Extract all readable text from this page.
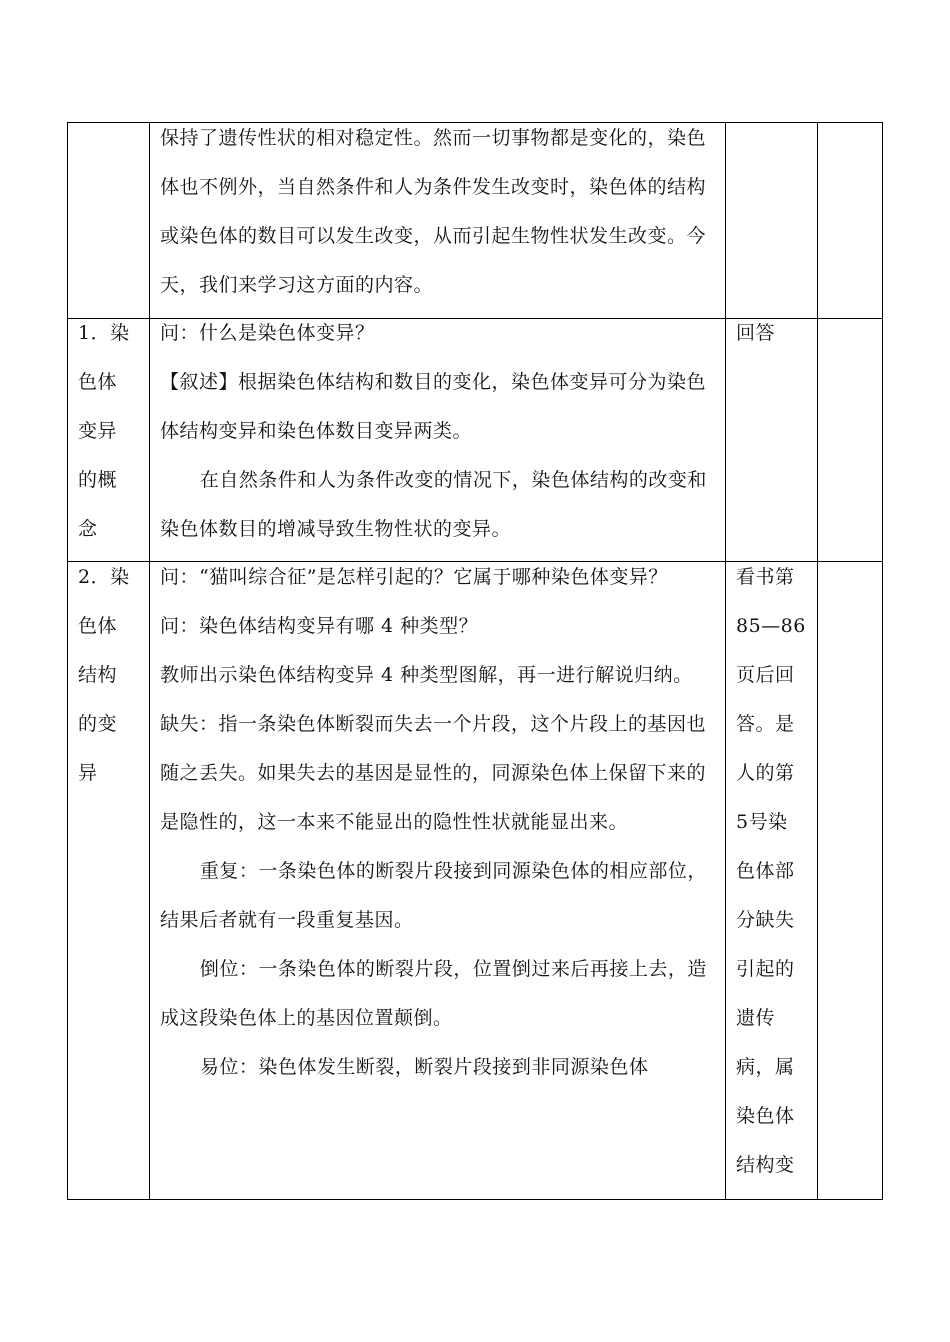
保持了遗传性状的相对稳定性。然而一切事物都是变化的，染色体也不例外，当自然条件和人为条件发生改变时，染色体的结构或染色体的数目可以发生改变，从而引起生物性状发生改变。今天，我们来学习这方面的内容。

1．染色体变异的概念

问：什么是染色体变异？

【叙述】根据染色体结构和数目的变化，染色体变异可分为染色体结构变异和染色体数目变异两类。

在自然条件和人为条件改变的情况下，染色体结构的改变和染色体数目的增减导致生物性状的变异。

回答
2．染色体结构的变异

问：“猫叫综合征”是怎样引起的？它属于哪种染色体变异？

问：染色体结构变异有哪 4 种类型？

教师出示染色体结构变异 4 种类型图解，再一进行解说归纳。

缺失：指一条染色体断裂而失去一个片段，这个片段上的基因也随之丢失。如果失去的基因是显性的，同源染色体上保留下来的是隐性的，这一本来不能显出的隐性性状就能显出来。

重复：一条染色体的断裂片段接到同源染色体的相应部位，结果后者就有一段重复基因。

倒位：一条染色体的断裂片段，位置倒过来后再接上去，造成这段染色体上的基因位置颠倒。

易位：染色体发生断裂，断裂片段接到非同源染色体

看书第85—86页后回答。是人的第5号染色体部分缺失引起的遗传病，属染色体结构变
